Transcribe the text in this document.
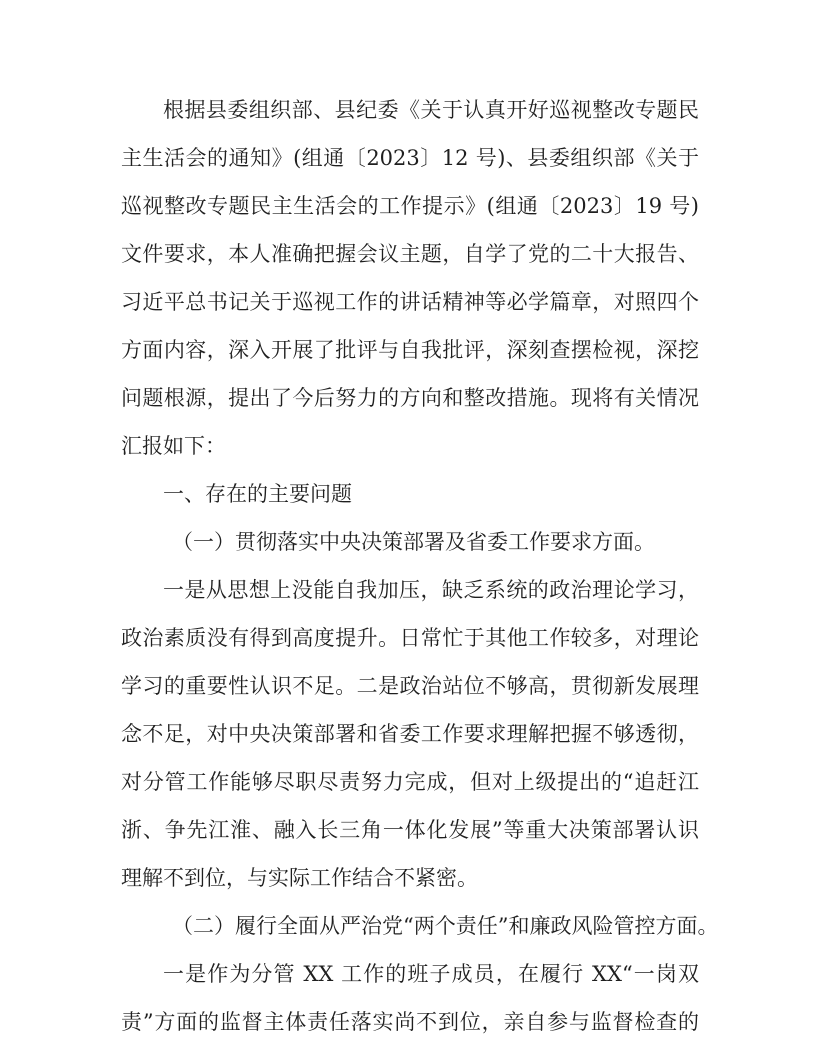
根据县委组织部、县纪委《关于认真开好巡视整改专题民
主生活会的通知》(组通〔2023〕12 号)、县委组织部《关于
巡视整改专题民主生活会的工作提示》(组通〔2023〕19 号)
文件要求，本人准确把握会议主题，自学了党的二十大报告、
习近平总书记关于巡视工作的讲话精神等必学篇章，对照四个
方面内容，深入开展了批评与自我批评，深刻查摆检视，深挖
问题根源，提出了今后努力的方向和整改措施。现将有关情况
汇报如下：
一、存在的主要问题
（一）贯彻落实中央决策部署及省委工作要求方面。
一是从思想上没能自我加压，缺乏系统的政治理论学习，
政治素质没有得到高度提升。日常忙于其他工作较多，对理论
学习的重要性认识不足。二是政治站位不够高，贯彻新发展理
念不足，对中央决策部署和省委工作要求理解把握不够透彻，
对分管工作能够尽职尽责努力完成，但对上级提出的“追赶江
浙、争先江淮、融入长三角一体化发展”等重大决策部署认识
理解不到位，与实际工作结合不紧密。
（二）履行全面从严治党“两个责任”和廉政风险管控方面。
一是作为分管 XX 工作的班子成员，在履行 XX“一岗双
责”方面的监督主体责任落实尚不到位，亲自参与监督检查的
